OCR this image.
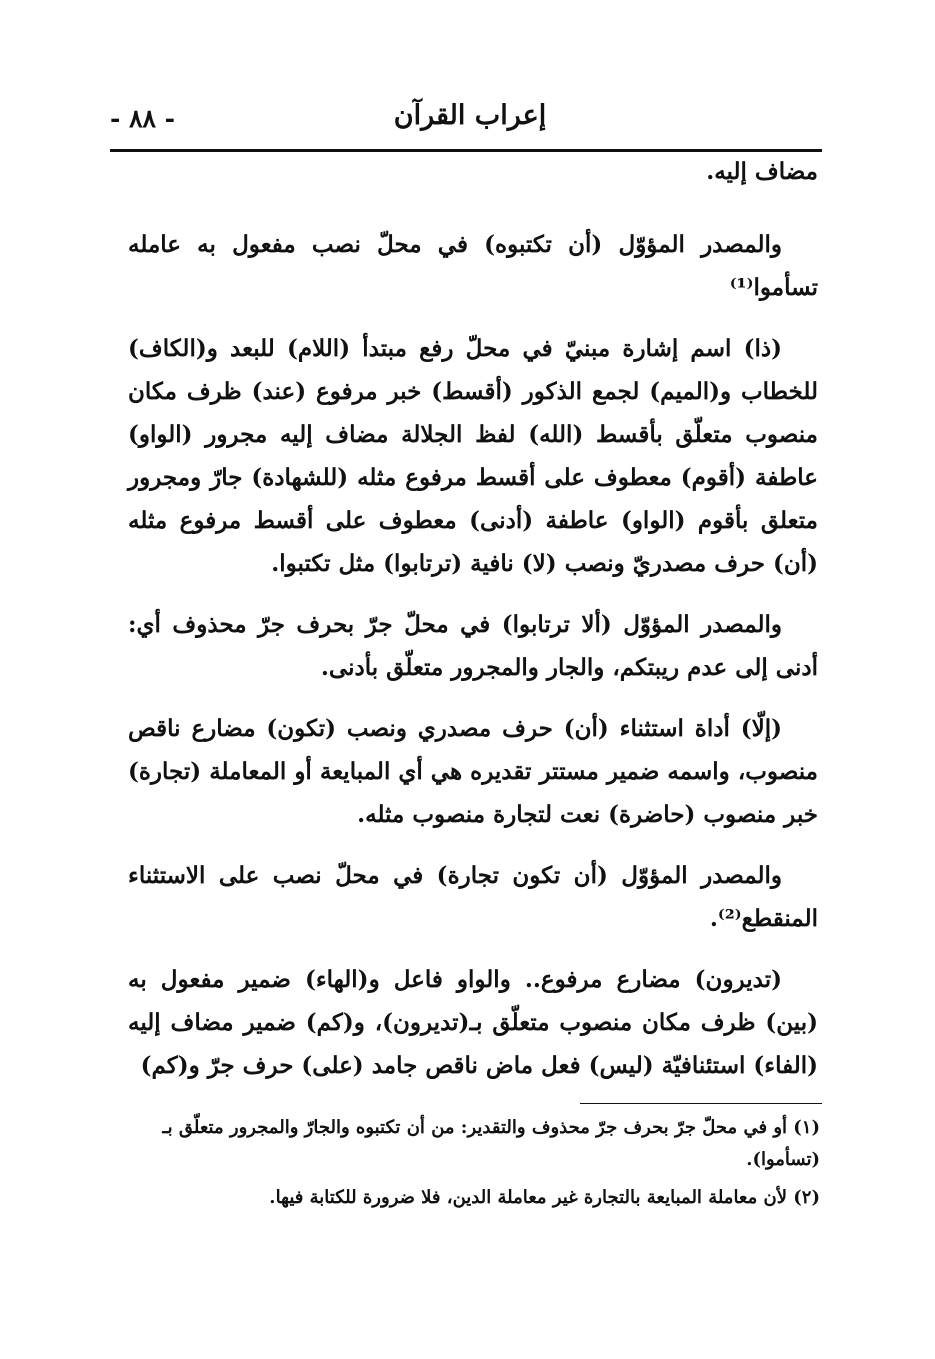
- ٨٨ -	إعراب القرآن

مضاف إليه.

والمصدر المؤوّل (أن تكتبوه) في محلّ نصب مفعول به عامله تسأموا⁽¹⁾

(ذا) اسم إشارة مبنيّ في محلّ رفع مبتدأ (اللام) للبعد و(الكاف) للخطاب و(الميم) لجمع الذكور (أقسط) خبر مرفوع (عند) ظرف مكان منصوب متعلّق بأقسط (الله) لفظ الجلالة مضاف إليه مجرور (الواو) عاطفة (أقوم) معطوف على أقسط مرفوع مثله (للشهادة) جارّ ومجرور متعلق بأقوم (الواو) عاطفة (أدنى) معطوف على أقسط مرفوع مثله (أن) حرف مصدريّ ونصب (لا) نافية (ترتابوا) مثل تكتبوا.

والمصدر المؤوّل (ألا ترتابوا) في محلّ جرّ بحرف جرّ محذوف أي: أدنى إلى عدم ريبتكم، والجار والمجرور متعلّق بأدنى.

(إلّا) أداة استثناء (أن) حرف مصدري ونصب (تكون) مضارع ناقص منصوب، واسمه ضمير مستتر تقديره هي أي المبايعة أو المعاملة (تجارة) خبر منصوب (حاضرة) نعت لتجارة منصوب مثله.

والمصدر المؤوّل (أن تكون تجارة) في محلّ نصب على الاستثناء المنقطع⁽²⁾.

(تديرون) مضارع مرفوع.. والواو فاعل و(الهاء) ضمير مفعول به (بين) ظرف مكان منصوب متعلّق بـ(تديرون)، و(كم) ضمير مضاف إليه (الفاء) استئنافيّة (ليس) فعل ماض ناقص جامد (على) حرف جرّ و(كم)

(١) أو في محلّ جرّ بحرف جرّ محذوف والتقدير: من أن تكتبوه والجارّ والمجرور متعلّق بـ (تسأموا).

(٢) لأن معاملة المبايعة بالتجارة غير معاملة الدين، فلا ضرورة للكتابة فيها.
